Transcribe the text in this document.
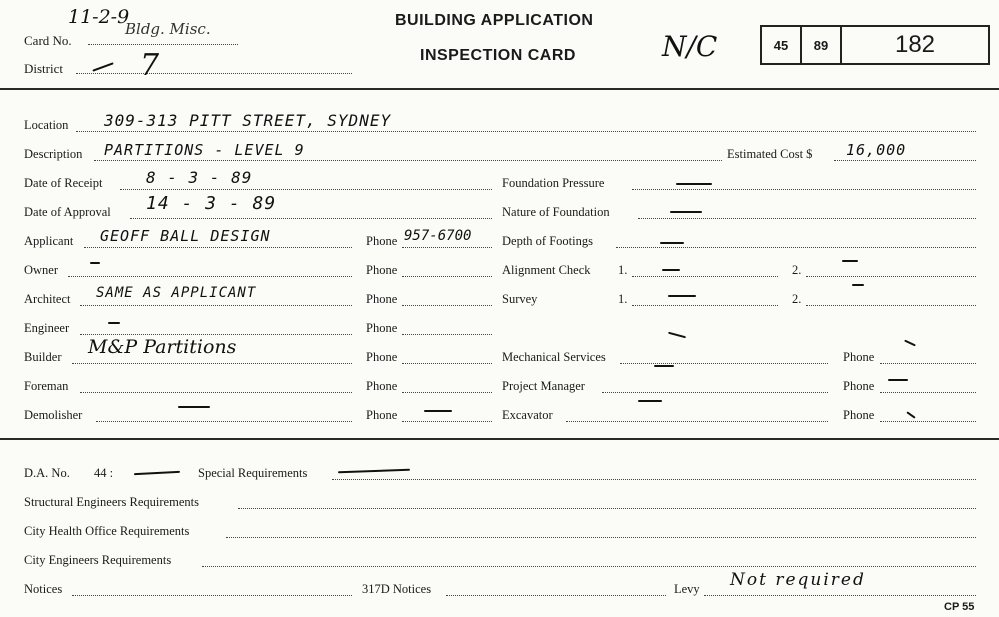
11-2-9
Card No.
Bldg. Misc.
District	7
BUILDING APPLICATION
INSPECTION CARD	N/C	45 89	182
Location 309-313 PITT STREET, SYDNEY
Description PARTITIONS - LEVEL 9	Estimated Cost $ 16,000
Date of Receipt	8 - 3 - 89	Foundation Pressure
Date of Approval 14 - 3 - 89	Nature of Foundation
Applicant GEOFF BALL DESIGN	Phone 957-6700 Depth of Footings
Owner	Phone	Alignment Check 1.	2.
Architect SAME AS APPLICANT	Phone	Survey	1.	2.
Engineer	Phone
Builder M&P Partitions	Phone	Mechanical Services	Phone
Foreman	Phone	Project Manager	Phone
Demolisher	Phone	Excavator	Phone
D.A. No. 44 :	Special Requirements
Structural Engineers Requirements
City Health Office Requirements
City Engineers Requirements
Notices	317D Notices	Levy Not required
CP 55
